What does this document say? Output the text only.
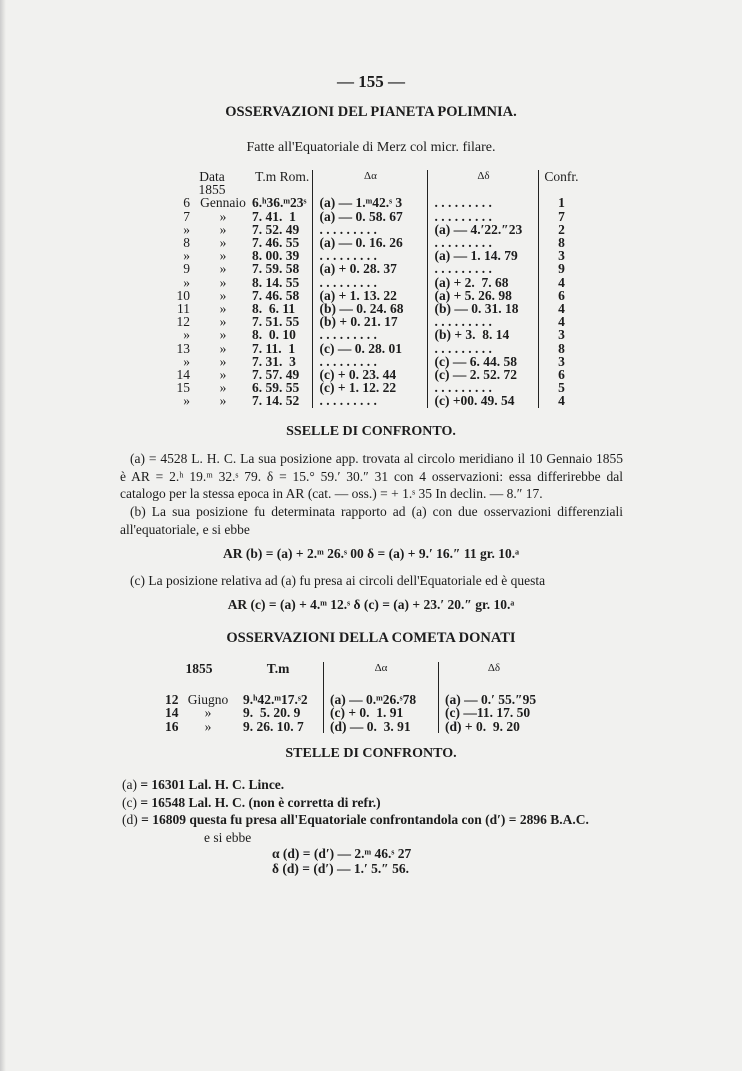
— 155 —
OSSERVAZIONI DEL PIANETA POLIMNIA.
Fatte all'Equatoriale di Merz col micr. filare.
Data		T.m Rom.	Δα	Δδ	Confr.
1855					
6	Gennaio	6.ʰ36.ᵐ23ˢ	(a) — 1.ᵐ42.ˢ 3	. . . . . . . . .	1
7	»	7. 41.  1	(a) — 0. 58. 67	. . . . . . . . .	7
»	»	7. 52. 49	. . . . . . . . .	(a) — 4.′22.″23	2
8	»	7. 46. 55	(a) — 0. 16. 26	. . . . . . . . .	8
»	»	8. 00. 39	. . . . . . . . .	(a) — 1. 14. 79	3
9	»	7. 59. 58	(a) + 0. 28. 37	. . . . . . . . .	9
»	»	8. 14. 55	. . . . . . . . .	(a) + 2.  7. 68	4
10	»	7. 46. 58	(a) + 1. 13. 22	(a) + 5. 26. 98	6
11	»	8.  6. 11	(b) — 0. 24. 68	(b) — 0. 31. 18	4
12	»	7. 51. 55	(b) + 0. 21. 17	. . . . . . . . .	4
»	»	8.  0. 10	. . . . . . . . .	(b) + 3.  8. 14	3
13	»	7. 11.  1	(c) — 0. 28. 01	. . . . . . . . .	8
»	»	7. 31.  3	. . . . . . . . .	(c) — 6. 44. 58	3
14	»	7. 57. 49	(c) + 0. 23. 44	(c) — 2. 52. 72	6
15	»	6. 59. 55	(c) + 1. 12. 22	. . . . . . . . .	5
»	»	7. 14. 52	. . . . . . . . .	(c) +00. 49. 54	4
SSELLE DI CONFRONTO.
(a) = 4528 L. H. C. La sua posizione app. trovata al circolo meridiano il 10 Gennaio 1855 è AR = 2.ʰ 19.ᵐ 32.ˢ 79. δ = 15.° 59.′ 30.″ 31 con 4 osservazioni: essa differirebbe dal catalogo per la stessa epoca in AR (cat. — oss.) = + 1.ˢ 35 In declin. — 8.″ 17.
(b) La sua posizione fu determinata rapporto ad (a) con due osservazioni differenziali all'equatoriale, e si ebbe
AR (b) = (a) + 2.ᵐ 26.ˢ 00 δ = (a) + 9.′ 16.″ 11 gr. 10.ᵃ
(c) La posizione relativa ad (a) fu presa ai circoli dell'Equatoriale ed è questa
AR (c) = (a) + 4.ᵐ 12.ˢ δ (c) = (a) + 23.′ 20.″ gr. 10.ᵃ
OSSERVAZIONI DELLA COMETA DONATI
1855		T.m	Δα	Δδ

12	Giugno	9.ʰ42.ᵐ17.ˢ2	(a) — 0.ᵐ26.ˢ78	(a) — 0.′ 55.″95
14	»	9.  5. 20. 9	(c) + 0.  1. 91	(c) —11. 17. 50
16	»	9. 26. 10. 7	(d) — 0.  3. 91	(d) + 0.  9. 20
STELLE DI CONFRONTO.
(a) = 16301 Lal. H. C. Lince.
(c) = 16548 Lal. H. C. (non è corretta di refr.)
(d) = 16809 questa fu presa all'Equatoriale confrontandola con (d′) = 2896 B.A.C.
e si ebbe
α (d) = (d′) — 2.ᵐ 46.ˢ 27
δ (d) = (d′) — 1.′ 5.″ 56.
